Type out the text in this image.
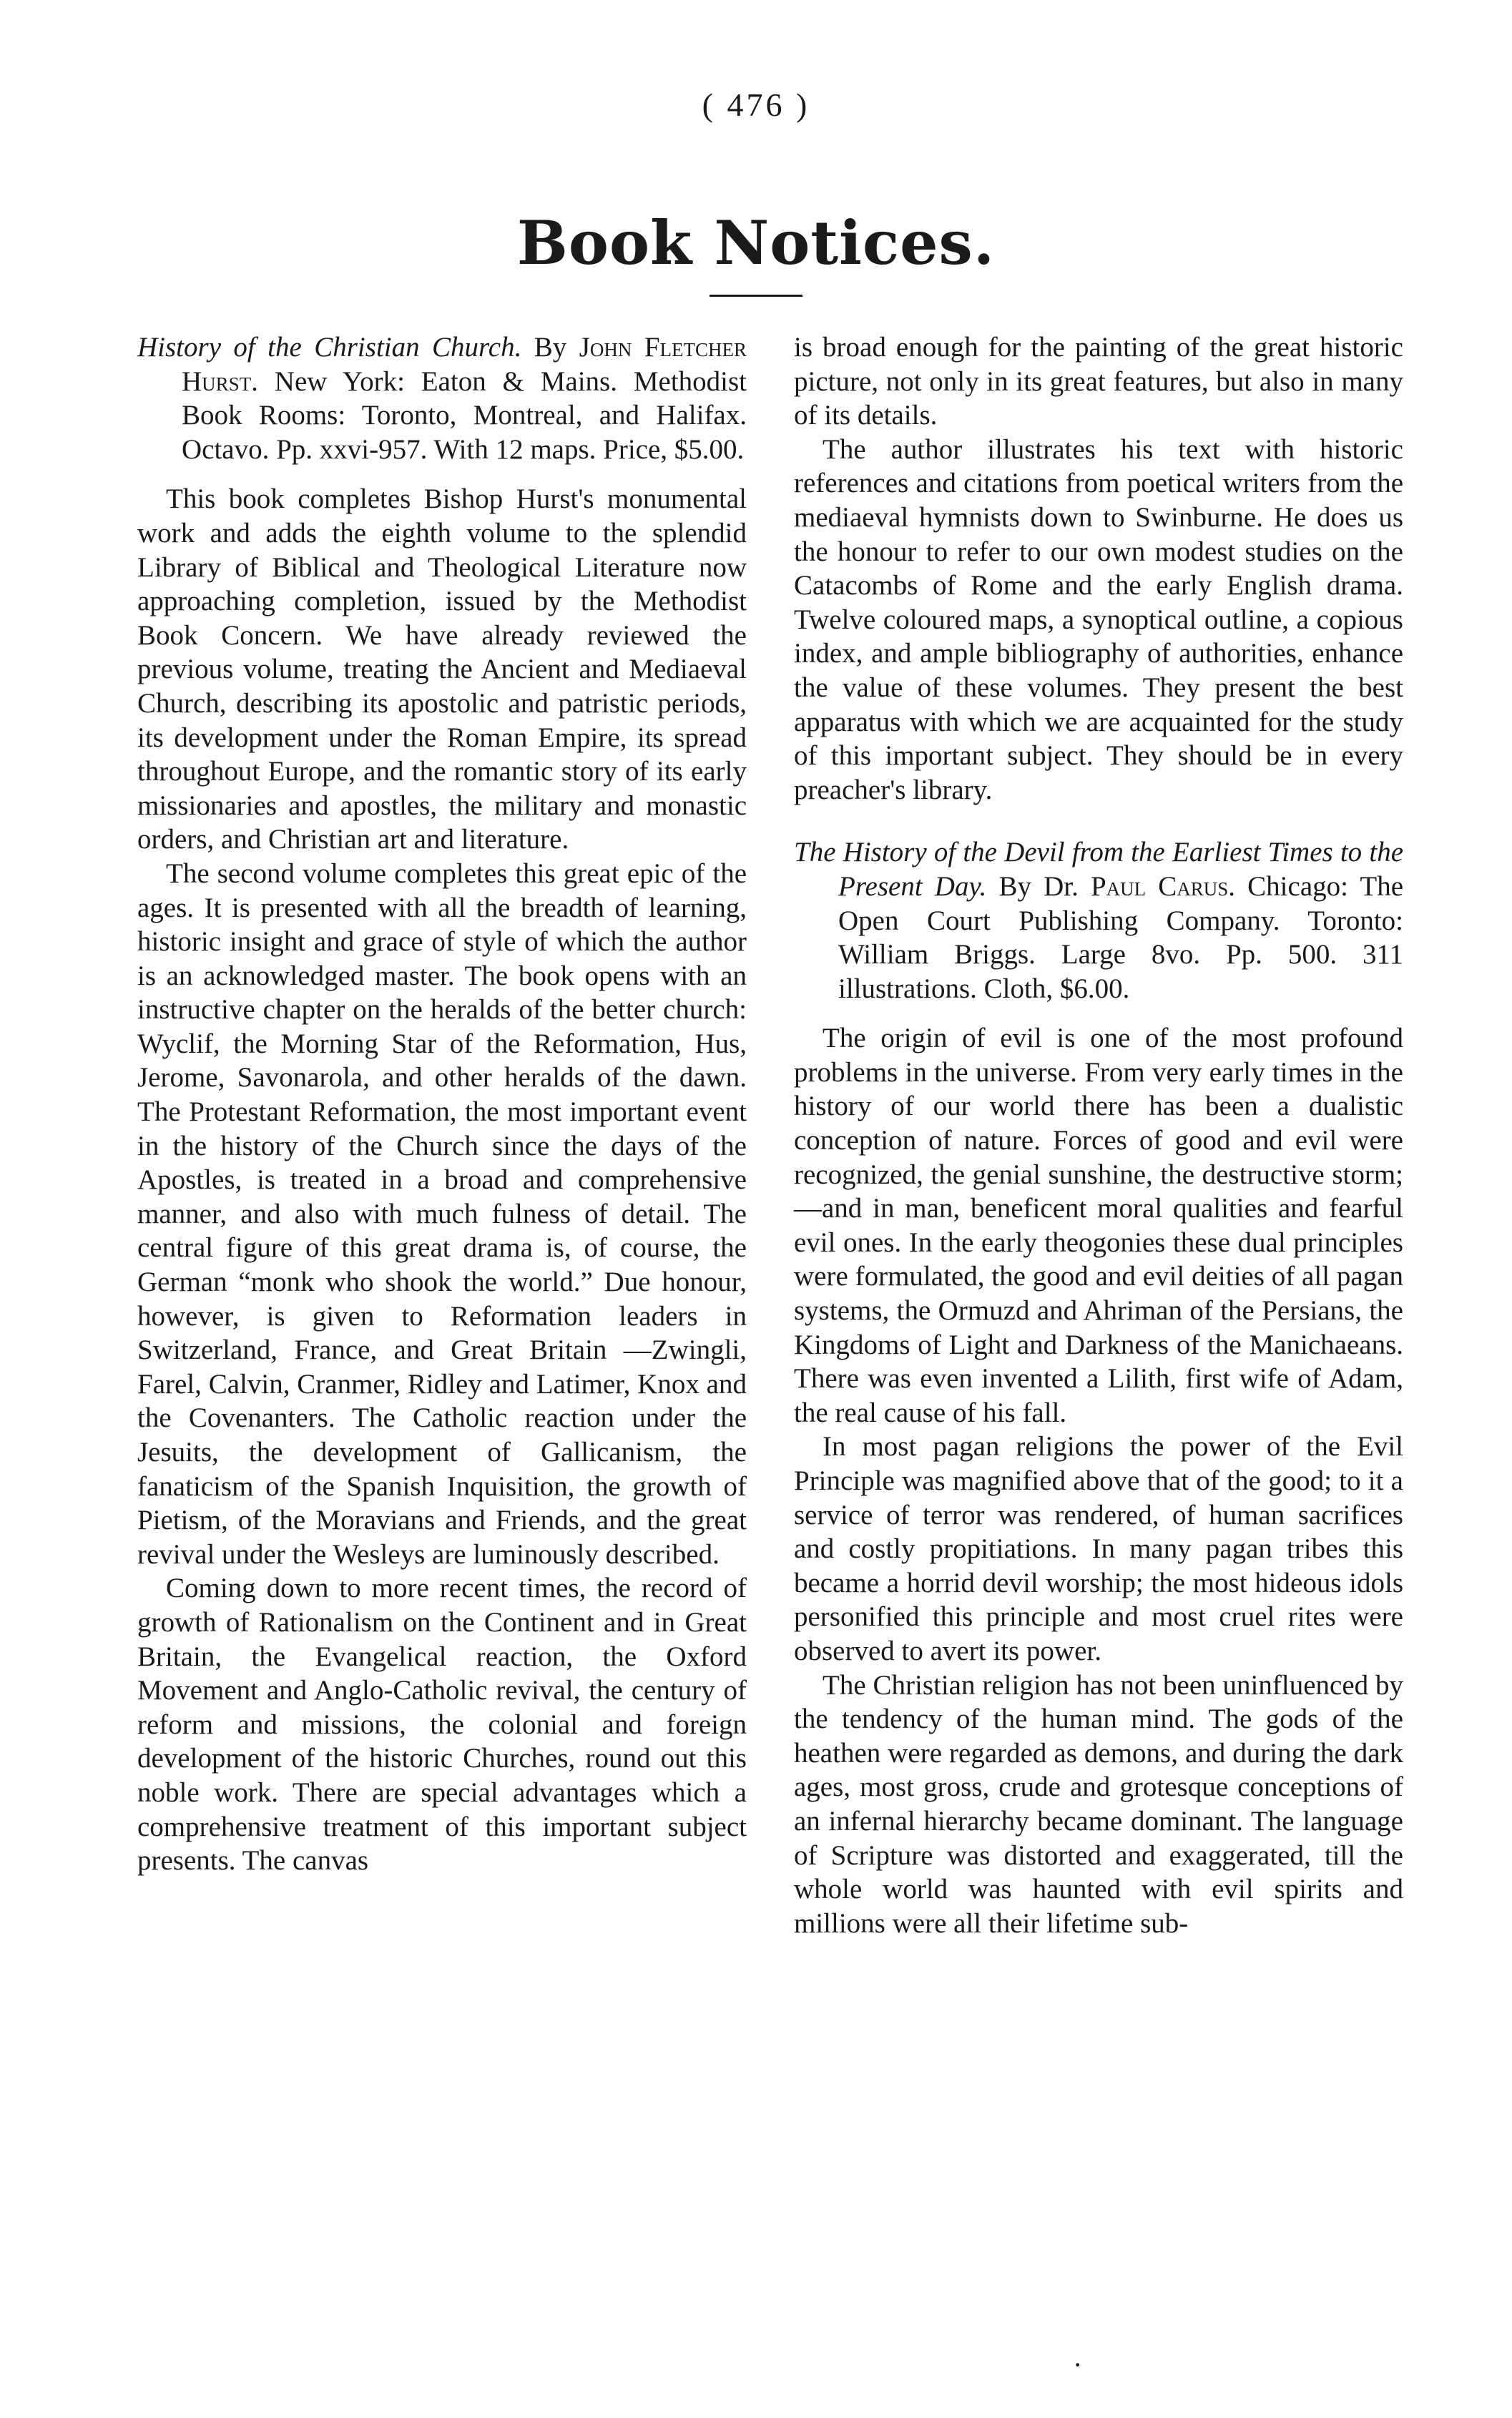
( 476 )
Book Notices.

History of the Christian Church. By John Fletcher Hurst. New York: Eaton & Mains. Methodist Book Rooms: Toronto, Montreal, and Halifax. Octavo. Pp. xxvi-957. With 12 maps. Price, $5.00.

This book completes Bishop Hurst's monumental work and adds the eighth volume to the splendid Library of Biblical and Theological Literature now approaching completion, issued by the Methodist Book Concern. We have already reviewed the previous volume, treating the Ancient and Mediaeval Church, describing its apostolic and patristic periods, its development under the Roman Empire, its spread throughout Europe, and the romantic story of its early missionaries and apostles, the military and monastic orders, and Christian art and literature.

The second volume completes this great epic of the ages. It is presented with all the breadth of learning, historic insight and grace of style of which the author is an acknowledged master. The book opens with an instructive chapter on the heralds of the better church: Wyclif, the Morning Star of the Reformation, Hus, Jerome, Savonarola, and other heralds of the dawn. The Protestant Reformation, the most important event in the history of the Church since the days of the Apostles, is treated in a broad and comprehensive manner, and also with much fulness of detail. The central figure of this great drama is, of course, the German “monk who shook the world.” Due honour, however, is given to Reformation leaders in Switzerland, France, and Great Britain —Zwingli, Farel, Calvin, Cranmer, Ridley and Latimer, Knox and the Covenanters. The Catholic reaction under the Jesuits, the development of Gallicanism, the fanaticism of the Spanish Inquisition, the growth of Pietism, of the Moravians and Friends, and the great revival under the Wesleys are luminously described.

Coming down to more recent times, the record of growth of Rationalism on the Continent and in Great Britain, the Evangelical reaction, the Oxford Movement and Anglo-Catholic revival, the century of reform and missions, the colonial and foreign development of the historic Churches, round out this noble work. There are special advantages which a comprehensive treatment of this important subject presents. The canvas

is broad enough for the painting of the great historic picture, not only in its great features, but also in many of its details.

The author illustrates his text with historic references and citations from poetical writers from the mediaeval hymnists down to Swinburne. He does us the honour to refer to our own modest studies on the Catacombs of Rome and the early English drama. Twelve coloured maps, a synoptical outline, a copious index, and ample bibliography of authorities, enhance the value of these volumes. They present the best apparatus with which we are acquainted for the study of this important subject. They should be in every preacher's library.

The History of the Devil from the Earliest Times to the Present Day. By Dr. Paul Carus. Chicago: The Open Court Publishing Company. Toronto: William Briggs. Large 8vo. Pp. 500. 311 illustrations. Cloth, $6.00.

The origin of evil is one of the most profound problems in the universe. From very early times in the history of our world there has been a dualistic conception of nature. Forces of good and evil were recognized, the genial sunshine, the destructive storm;—and in man, beneficent moral qualities and fearful evil ones. In the early theogonies these dual principles were formulated, the good and evil deities of all pagan systems, the Ormuzd and Ahriman of the Persians, the Kingdoms of Light and Darkness of the Manichaeans. There was even invented a Lilith, first wife of Adam, the real cause of his fall.

In most pagan religions the power of the Evil Principle was magnified above that of the good; to it a service of terror was rendered, of human sacrifices and costly propitiations. In many pagan tribes this became a horrid devil worship; the most hideous idols personified this principle and most cruel rites were observed to avert its power.

The Christian religion has not been uninfluenced by the tendency of the human mind. The gods of the heathen were regarded as demons, and during the dark ages, most gross, crude and grotesque conceptions of an infernal hierarchy became dominant. The language of Scripture was distorted and exaggerated, till the whole world was haunted with evil spirits and millions were all their lifetime sub-

·
